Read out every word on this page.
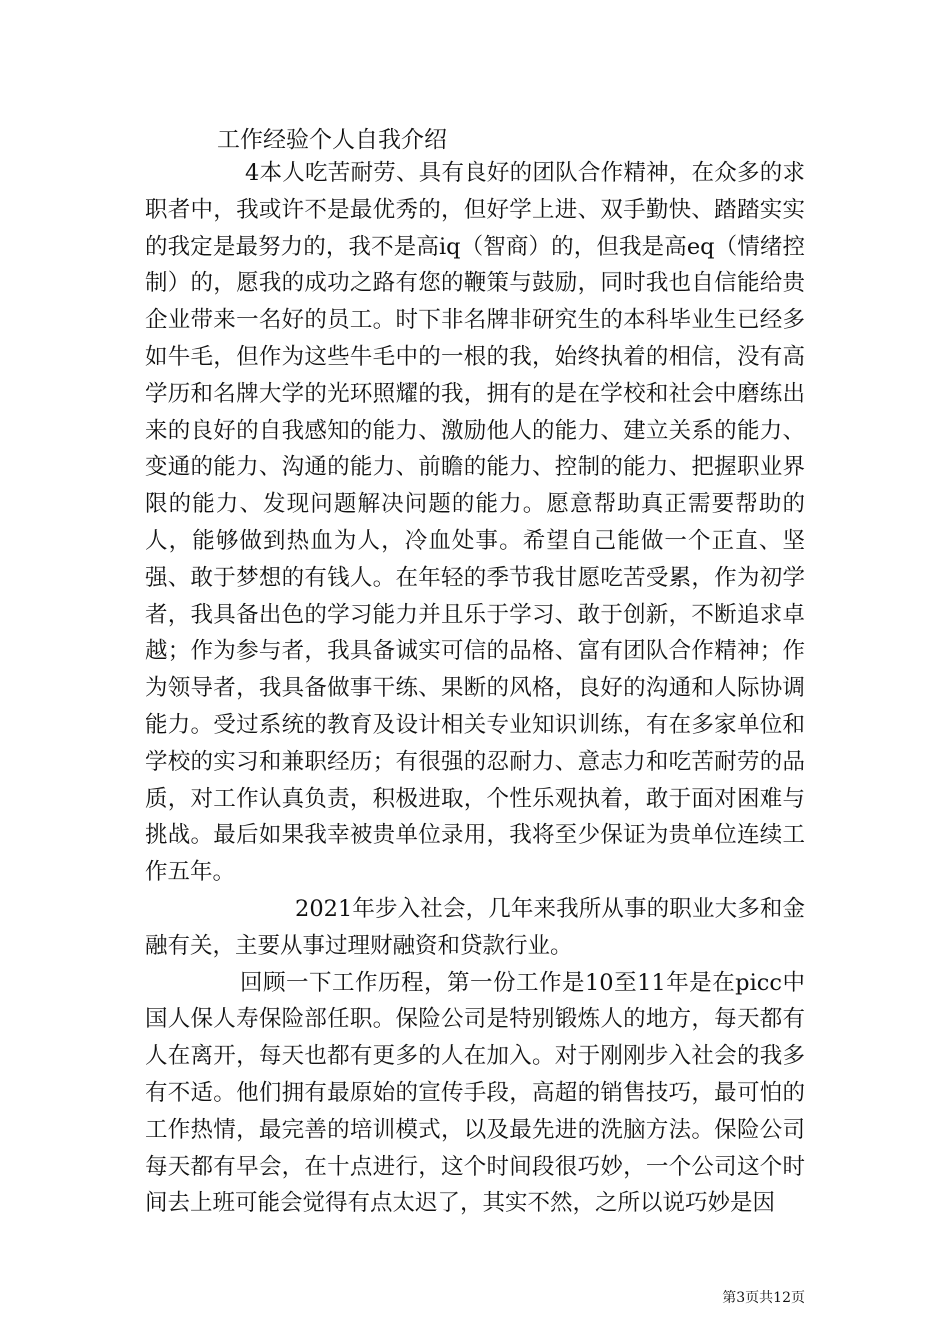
工作经验个人自我介绍

4本人吃苦耐劳、具有良好的团队合作精神，在众多的求职者中，我或许不是最优秀的，但好学上进、双手勤快、踏踏实实的我定是最努力的，我不是高iq（智商）的，但我是高eq（情绪控制）的，愿我的成功之路有您的鞭策与鼓励，同时我也自信能给贵企业带来一名好的员工。时下非名牌非研究生的本科毕业生已经多如牛毛，但作为这些牛毛中的一根的我，始终执着的相信，没有高学历和名牌大学的光环照耀的我，拥有的是在学校和社会中磨练出来的良好的自我感知的能力、激励他人的能力、建立关系的能力、变通的能力、沟通的能力、前瞻的能力、控制的能力、把握职业界限的能力、发现问题解决问题的能力。愿意帮助真正需要帮助的人，能够做到热血为人，冷血处事。希望自己能做一个正直、坚强、敢于梦想的有钱人。在年轻的季节我甘愿吃苦受累，作为初学者，我具备出色的学习能力并且乐于学习、敢于创新，不断追求卓越；作为参与者，我具备诚实可信的品格、富有团队合作精神；作为领导者，我具备做事干练、果断的风格，良好的沟通和人际协调能力。受过系统的教育及设计相关专业知识训练，有在多家单位和学校的实习和兼职经历；有很强的忍耐力、意志力和吃苦耐劳的品质，对工作认真负责，积极进取，个性乐观执着，敢于面对困难与挑战。最后如果我幸被贵单位录用，我将至少保证为贵单位连续工作五年。

2021年步入社会，几年来我所从事的职业大多和金融有关，主要从事过理财融资和贷款行业。

回顾一下工作历程，第一份工作是10至11年是在picc中国人保人寿保险部任职。保险公司是特别锻炼人的地方，每天都有人在离开，每天也都有更多的人在加入。对于刚刚步入社会的我多有不适。他们拥有最原始的宣传手段，高超的销售技巧，最可怕的工作热情，最完善的培训模式，以及最先进的洗脑方法。保险公司每天都有早会，在十点进行，这个时间段很巧妙，一个公司这个时间去上班可能会觉得有点太迟了，其实不然，之所以说巧妙是因

第3页共12页
